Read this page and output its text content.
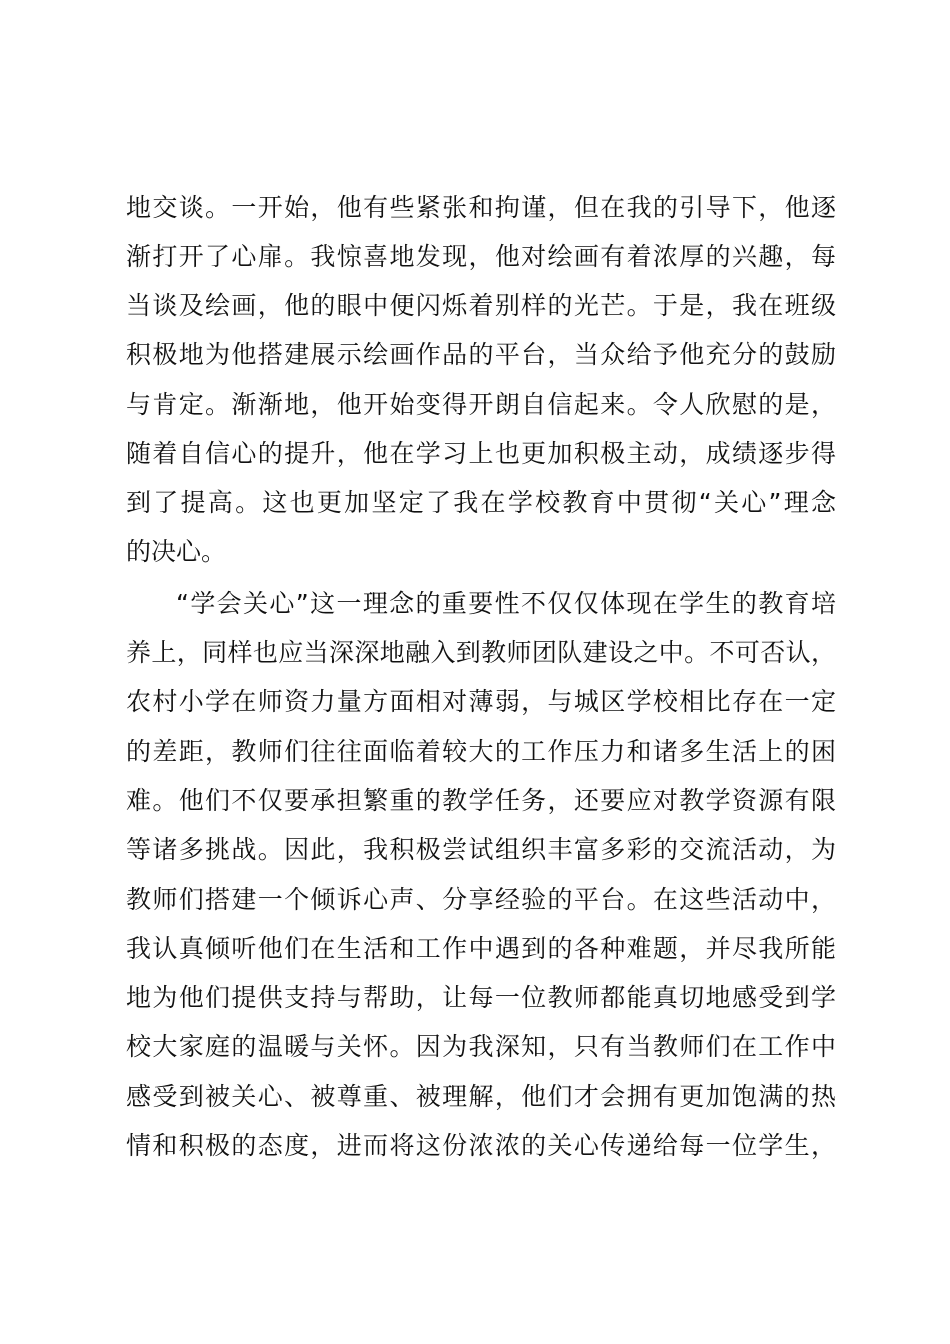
地交谈。一开始，他有些紧张和拘谨，但在我的引导下，他逐
渐打开了心扉。我惊喜地发现，他对绘画有着浓厚的兴趣，每
当谈及绘画，他的眼中便闪烁着别样的光芒。于是，我在班级
积极地为他搭建展示绘画作品的平台，当众给予他充分的鼓励
与肯定。渐渐地，他开始变得开朗自信起来。令人欣慰的是，
随着自信心的提升，他在学习上也更加积极主动，成绩逐步得
到了提高。这也更加坚定了我在学校教育中贯彻“关心”理念
的决心。
“学会关心”这一理念的重要性不仅仅体现在学生的教育培
养上，同样也应当深深地融入到教师团队建设之中。不可否认，
农村小学在师资力量方面相对薄弱，与城区学校相比存在一定
的差距，教师们往往面临着较大的工作压力和诸多生活上的困
难。他们不仅要承担繁重的教学任务，还要应对教学资源有限
等诸多挑战。因此，我积极尝试组织丰富多彩的交流活动，为
教师们搭建一个倾诉心声、分享经验的平台。在这些活动中，
我认真倾听他们在生活和工作中遇到的各种难题，并尽我所能
地为他们提供支持与帮助，让每一位教师都能真切地感受到学
校大家庭的温暖与关怀。因为我深知，只有当教师们在工作中
感受到被关心、被尊重、被理解，他们才会拥有更加饱满的热
情和积极的态度，进而将这份浓浓的关心传递给每一位学生，
